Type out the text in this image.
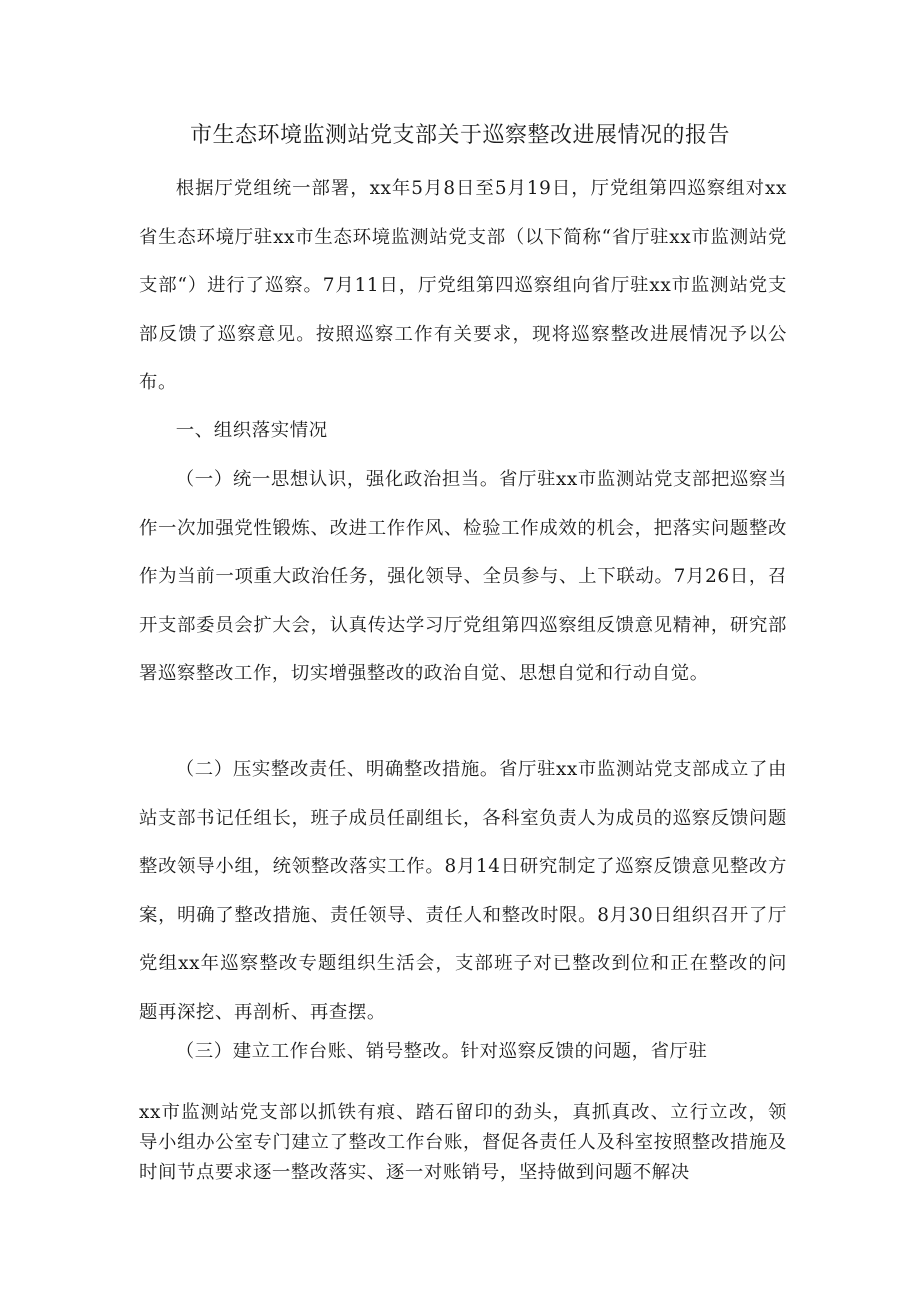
市生态环境监测站党支部关于巡察整改进展情况的报告
根据厅党组统一部署，xx年5月8日至5月19日，厅党组第四巡察组对xx省生态环境厅驻xx市生态环境监测站党支部（以下简称“省厅驻xx市监测站党支部“）进行了巡察。7月11日，厅党组第四巡察组向省厅驻xx市监测站党支部反馈了巡察意见。按照巡察工作有关要求，现将巡察整改进展情况予以公布。
一、组织落实情况
（一）统一思想认识，强化政治担当。省厅驻xx市监测站党支部把巡察当作一次加强党性锻炼、改进工作作风、检验工作成效的机会，把落实问题整改作为当前一项重大政治任务，强化领导、全员参与、上下联动。7月26日，召开支部委员会扩大会，认真传达学习厅党组第四巡察组反馈意见精神，研究部署巡察整改工作，切实增强整改的政治自觉、思想自觉和行动自觉。
（二）压实整改责任、明确整改措施。省厅驻xx市监测站党支部成立了由站支部书记任组长，班子成员任副组长，各科室负责人为成员的巡察反馈问题整改领导小组，统领整改落实工作。8月14日研究制定了巡察反馈意见整改方案，明确了整改措施、责任领导、责任人和整改时限。8月30日组织召开了厅党组xx年巡察整改专题组织生活会，支部班子对已整改到位和正在整改的问题再深挖、再剖析、再查摆。
（三）建立工作台账、销号整改。针对巡察反馈的问题，省厅驻
xx市监测站党支部以抓铁有痕、踏石留印的劲头，真抓真改、立行立改，领导小组办公室专门建立了整改工作台账，督促各责任人及科室按照整改措施及时间节点要求逐一整改落实、逐一对账销号，坚持做到问题不解决
